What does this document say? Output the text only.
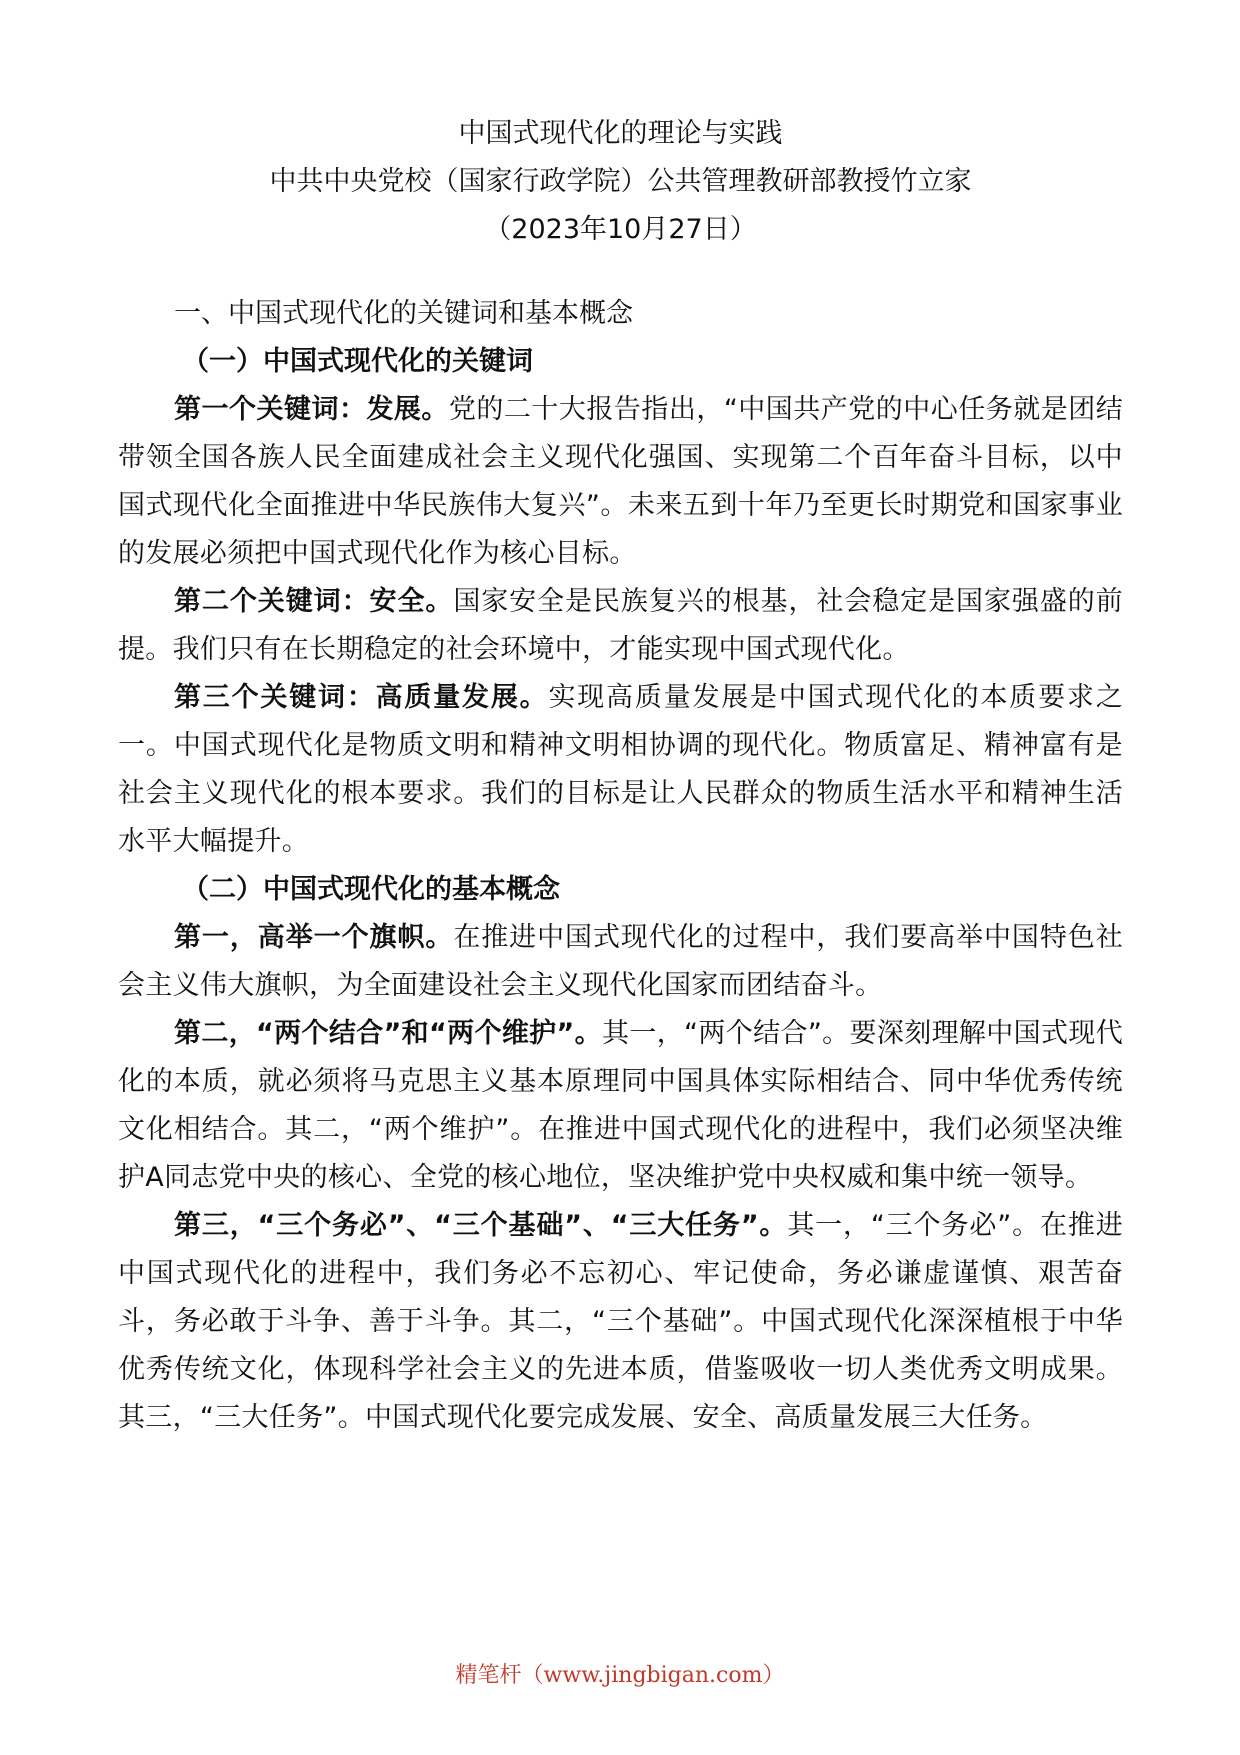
中国式现代化的理论与实践
中共中央党校（国家行政学院）公共管理教研部教授竹立家
（2023年10月27日）
一、中国式现代化的关键词和基本概念
（一）中国式现代化的关键词

第一个关键词：发展。党的二十大报告指出，“中国共产党的中心任务就是团结带领全国各族人民全面建成社会主义现代化强国、实现第二个百年奋斗目标，以中国式现代化全面推进中华民族伟大复兴”。未来五到十年乃至更长时期党和国家事业的发展必须把中国式现代化作为核心目标。

第二个关键词：安全。国家安全是民族复兴的根基，社会稳定是国家强盛的前提。我们只有在长期稳定的社会环境中，才能实现中国式现代化。

第三个关键词：高质量发展。实现高质量发展是中国式现代化的本质要求之一。中国式现代化是物质文明和精神文明相协调的现代化。物质富足、精神富有是社会主义现代化的根本要求。我们的目标是让人民群众的物质生活水平和精神生活水平大幅提升。

（二）中国式现代化的基本概念

第一，高举一个旗帜。在推进中国式现代化的过程中，我们要高举中国特色社会主义伟大旗帜，为全面建设社会主义现代化国家而团结奋斗。

第二，“两个结合”和“两个维护”。其一，“两个结合”。要深刻理解中国式现代化的本质，就必须将马克思主义基本原理同中国具体实际相结合、同中华优秀传统文化相结合。其二，“两个维护”。在推进中国式现代化的进程中，我们必须坚决维护A同志党中央的核心、全党的核心地位，坚决维护党中央权威和集中统一领导。

第三，“三个务必”、“三个基础”、“三大任务”。其一，“三个务必”。在推进中国式现代化的进程中，我们务必不忘初心、牢记使命，务必谦虚谨慎、艰苦奋斗，务必敢于斗争、善于斗争。其二，“三个基础”。中国式现代化深深植根于中华优秀传统文化，体现科学社会主义的先进本质，借鉴吸收一切人类优秀文明成果。其三，“三大任务”。中国式现代化要完成发展、安全、高质量发展三大任务。

精笔杆（www.jingbigan.com）
